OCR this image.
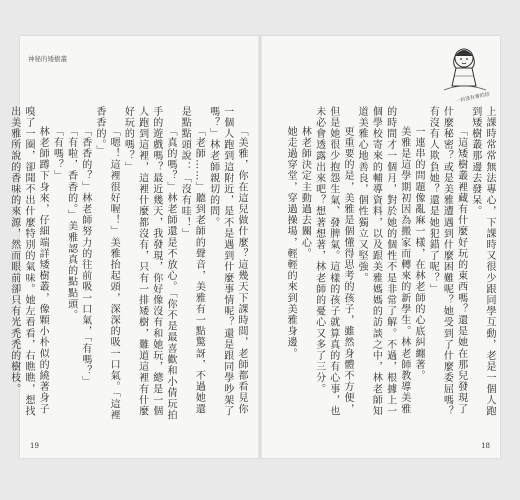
神秘的矮樹叢

「美雅，你在這兒做什麼？這幾天下課時間，老師都看見你一個人跑到這附近，是不是遇到什麼事情呢？還是跟同學吵架了嗎？」林老師親切的問。

「老師……」聽到老師的聲音，美雅有一點驚訝，不過她還是點點頭說：「沒有哇！」

「真的嗎？」林老師還是不放心。「你不是最喜歡和小倩玩拍手的遊戲嗎？最近幾天，我發現，你好像沒有和她玩，總是一個人跑到這裡，這裡什麼都沒有，只有一排矮樹，難道這裡有什麼好玩的嗎？」

「嗯！這裡很好喔！」美雅抬起頭，深深的吸一口氣。「這裡香香的。」

「香香的？」林老師努力的往前吸一口氣，「有嗎？」

「有啦，香香的。」美雅認真的點點頭。

「有嗎？」

林老師蹲下身來，仔細端詳矮樹叢，像顆小朴似的繞著身子嗅了一圈，卻聞不出什麼特別的氣味。她左看看，右瞧瞧，想找出美雅所說的香味的來源，然而眼前卻只有光禿禿的樹枝。

19
一封沒有寄的信

上課時常常無法專心，下課時又很少跟同學互動，老是一個人跑到矮樹叢那邊去發呆。

「這矮樹叢裡藏有什麼好玩的東西嗎？還是她在那兒發現了什麼秘密？或是美雅遭遇到什麼困難呢？她受到了什麼委屈嗎？有沒有人欺負她？還是她犯錯了呢？」

一連串的問題像亂麻一樣，在林老師的心底糾纏著。

美雅是這學期初因為搬家而轉來的新學生。林老師教導美雅的時間才一個月，對於她的個性不是非常了解。不過，根據上一個學校寄來的輔導資料，以及跟美雅媽媽的訪談之中，林老師知道美雅心地善良，個性獨立又堅強。

更重要的是，美雅是個懂得思考的孩子，雖然身體不方便，但是她很少抱怨生氣、發脾氣。這樣的孩子就算真的有心事，也未必會透露出來吧？想著想著，林老師的憂心又多了三分。

林老師決定主動過去關心。

她走過穿堂，穿過操場，輕輕的來到美雅身邊。

18
